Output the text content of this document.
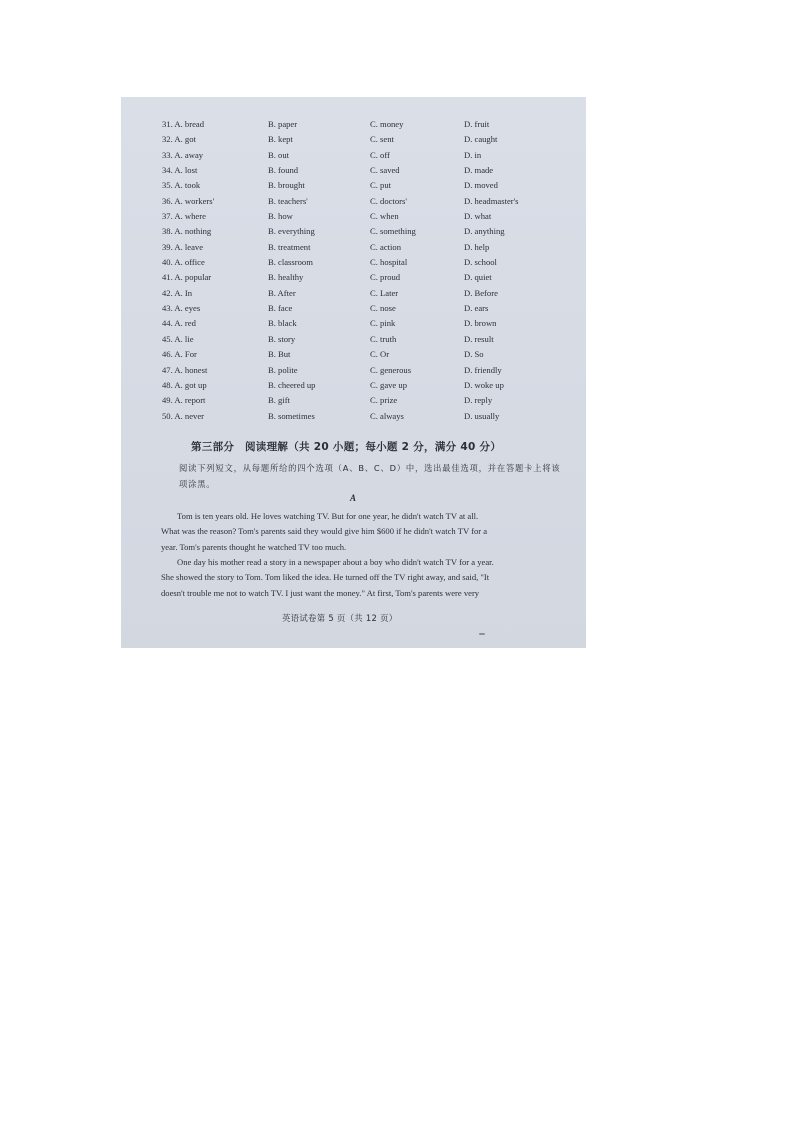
31. A. bread	B. paper	C. money	D. fruit
32. A. got	B. kept	C. sent	D. caught
33. A. away	B. out	C. off	D. in
34. A. lost	B. found	C. saved	D. made
35. A. took	B. brought	C. put	D. moved
36. A. workers'	B. teachers'	C. doctors'	D. headmaster's
37. A. where	B. how	C. when	D. what
38. A. nothing	B. everything	C. something	D. anything
39. A. leave	B. treatment	C. action	D. help
40. A. office	B. classroom	C. hospital	D. school
41. A. popular	B. healthy	C. proud	D. quiet
42. A. In	B. After	C. Later	D. Before
43. A. eyes	B. face	C. nose	D. ears
44. A. red	B. black	C. pink	D. brown
45. A. lie	B. story	C. truth	D. result
46. A. For	B. But	C. Or	D. So
47. A. honest	B. polite	C. generous	D. friendly
48. A. got up	B. cheered up	C. gave up	D. woke up
49. A. report	B. gift	C. prize	D. reply
50. A. never	B. sometimes	C. always	D. usually
第三部分　阅读理解（共 20 小题；每小题 2 分，满分 40 分）
阅读下列短文，从每题所给的四个选项（A、B、C、D）中，选出最佳选项，并在答题卡上将该项涂黑。
A
Tom is ten years old. He loves watching TV. But for one year, he didn't watch TV at all.
What was the reason? Tom's parents said they would give him $600 if he didn't watch TV for a
year. Tom's parents thought he watched TV too much.
One day his mother read a story in a newspaper about a boy who didn't watch TV for a year.
She showed the story to Tom. Tom liked the idea. He turned off the TV right away, and said, "It
doesn't trouble me not to watch TV. I just want the money." At first, Tom's parents were very
英语试卷第 5 页（共 12 页）
